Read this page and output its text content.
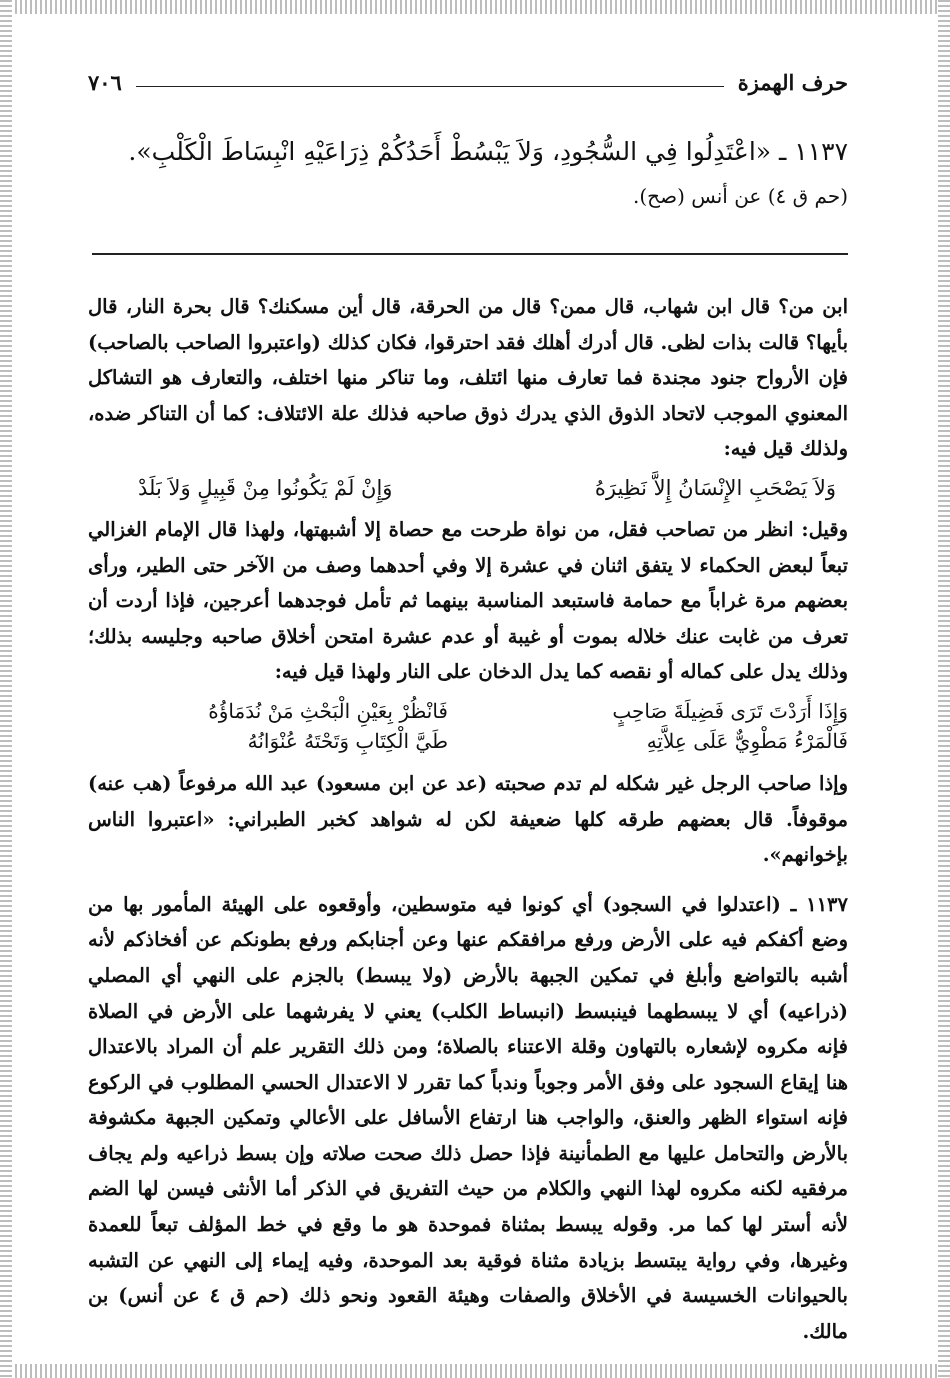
حرف الهمزة
٧٠٦
١١٣٧ ـ «اعْتَدِلُوا فِي السُّجُودِ، وَلاَ يَبْسُطْ أَحَدُكُمْ ذِرَاعَيْهِ انْبِسَاطَ الْكَلْبِ».
(حم ق ٤) عن أنس (صح).

ابن من؟ قال ابن شهاب، قال ممن؟ قال من الحرقة، قال أين مسكنك؟ قال بحرة النار، قال بأيها؟ قالت بذات لظى. قال أدرك أهلك فقد احترقوا، فكان كذلك (واعتبروا الصاحب بالصاحب) فإن الأرواح جنود مجندة فما تعارف منها ائتلف، وما تناكر منها اختلف، والتعارف هو التشاكل المعنوي الموجب لاتحاد الذوق الذي يدرك ذوق صاحبه فذلك علة الائتلاف: كما أن التناكر ضده، ولذلك قيل فيه:

وَلاَ يَصْحَبِ الإِنْسَانُ إِلاَّ نَظِيرَهُ
وَإِنْ لَمْ يَكُونُوا مِنْ قَبِيلٍ وَلاَ بَلَدْ

وقيل: انظر من تصاحب فقل، من نواة طرحت مع حصاة إلا أشبهتها، ولهذا قال الإمام الغزالي تبعاً لبعض الحكماء لا يتفق اثنان في عشرة إلا وفي أحدهما وصف من الآخر حتى الطير، ورأى بعضهم مرة غراباً مع حمامة فاستبعد المناسبة بينهما ثم تأمل فوجدهما أعرجين، فإذا أردت أن تعرف من غابت عنك خلاله بموت أو غيبة أو عدم عشرة امتحن أخلاق صاحبه وجليسه بذلك؛ وذلك يدل على كماله أو نقصه كما يدل الدخان على النار ولهذا قيل فيه:

وَإِذَا أَرَدْتَ تَرَى فَضِيلَةَ صَاحِبٍ
فَانْظُرْ بِعَيْنِ الْبَحْثِ مَنْ نُدَمَاؤُهُ
فَالْمَرْءُ مَطْوِيٌّ عَلَى عِلاَّتِهِ
طَيَّ الْكِتَابِ وَتَحْتَهُ عُنْوَانُهُ

وإذا صاحب الرجل غير شكله لم تدم صحبته (عد عن ابن مسعود) عبد الله مرفوعاً (هب عنه) موقوفاً. قال بعضهم طرقه كلها ضعيفة لكن له شواهد كخبر الطبراني: «اعتبروا الناس بإخوانهم».

١١٣٧ ـ (اعتدلوا في السجود) أي كونوا فيه متوسطين، وأوقعوه على الهيئة المأمور بها من وضع أكفكم فيه على الأرض ورفع مرافقكم عنها وعن أجنابكم ورفع بطونكم عن أفخاذكم لأنه أشبه بالتواضع وأبلغ في تمكين الجبهة بالأرض (ولا يبسط) بالجزم على النهي أي المصلي (ذراعيه) أي لا يبسطهما فينبسط (انبساط الكلب) يعني لا يفرشهما على الأرض في الصلاة فإنه مكروه لإشعاره بالتهاون وقلة الاعتناء بالصلاة؛ ومن ذلك التقرير علم أن المراد بالاعتدال هنا إيقاع السجود على وفق الأمر وجوباً وندباً كما تقرر لا الاعتدال الحسي المطلوب في الركوع فإنه استواء الظهر والعنق، والواجب هنا ارتفاع الأسافل على الأعالي وتمكين الجبهة مكشوفة بالأرض والتحامل عليها مع الطمأنينة فإذا حصل ذلك صحت صلاته وإن بسط ذراعيه ولم يجاف مرفقيه لكنه مكروه لهذا النهي والكلام من حيث التفريق في الذكر أما الأنثى فيسن لها الضم لأنه أستر لها كما مر. وقوله يبسط بمثناة فموحدة هو ما وقع في خط المؤلف تبعاً للعمدة وغيرها، وفي رواية يبتسط بزيادة مثناة فوقية بعد الموحدة، وفيه إيماء إلى النهي عن التشبه بالحيوانات الخسيسة في الأخلاق والصفات وهيئة القعود ونحو ذلك (حم ق ٤ عن أنس) بن مالك.
